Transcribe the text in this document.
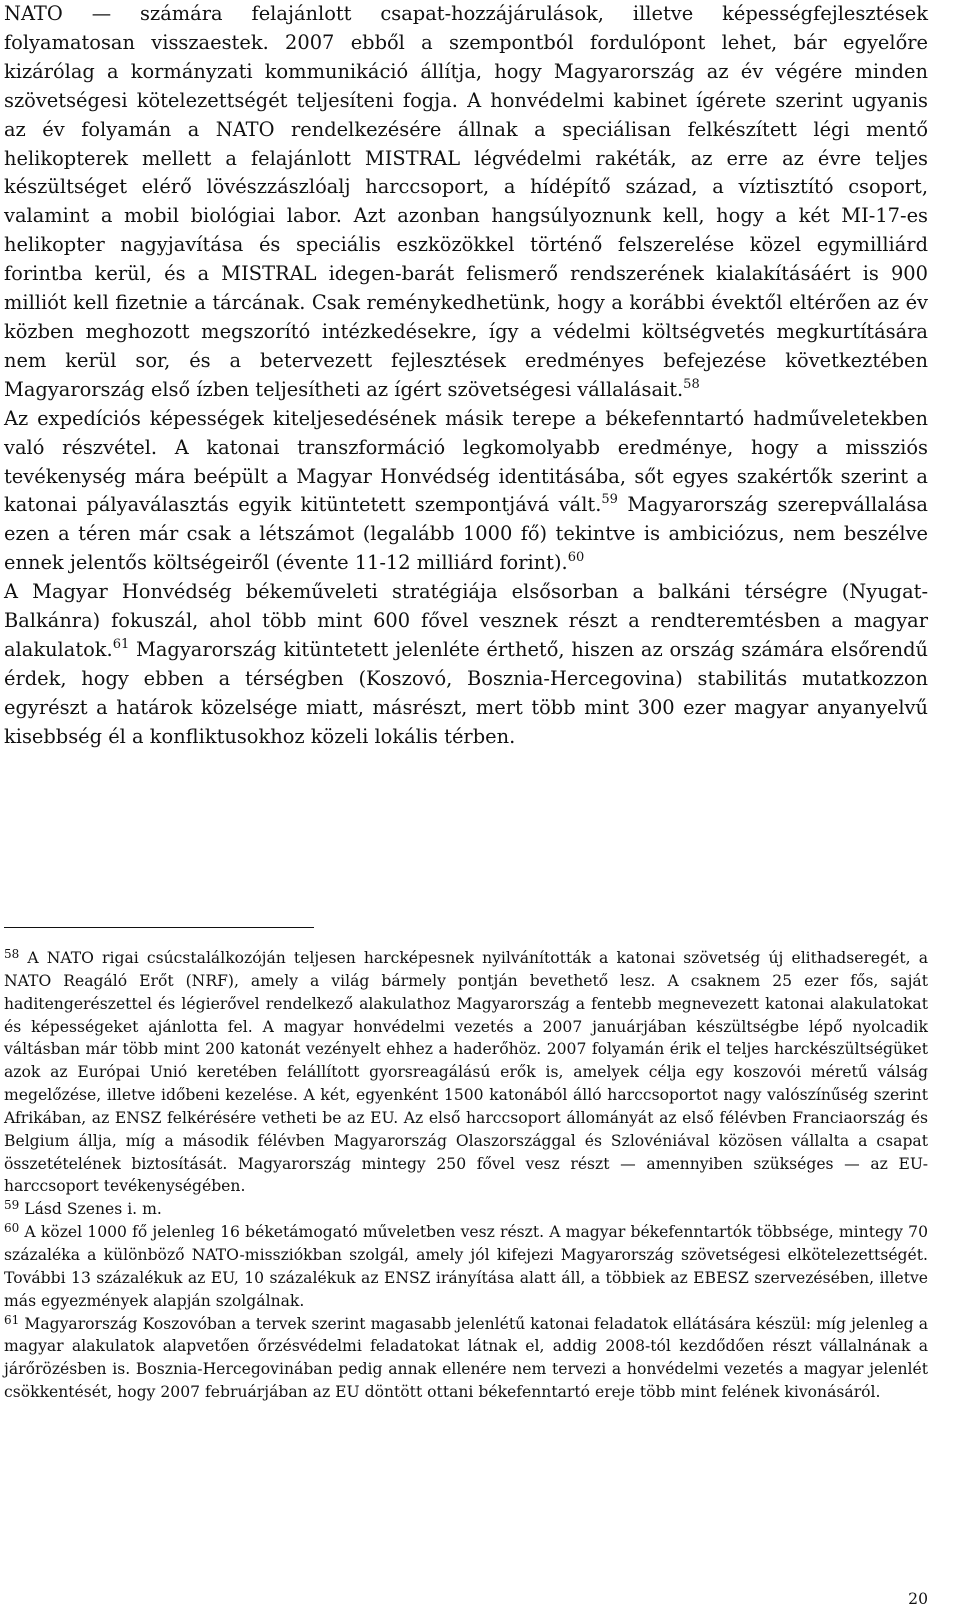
NATO — számára felajánlott csapat-hozzájárulások, illetve képességfejlesztések folyamatosan visszaestek. 2007 ebből a szempontból fordulópont lehet, bár egyelőre kizárólag a kormányzati kommunikáció állítja, hogy Magyarország az év végére minden szövetségesi kötelezettségét teljesíteni fogja. A honvédelmi kabinet ígérete szerint ugyanis az év folyamán a NATO rendelkezésére állnak a speciálisan felkészített légi mentő helikopterek mellett a felajánlott MISTRAL légvédelmi rakéták, az erre az évre teljes készültséget elérő lövészzászlóalj harccsoport, a hídépítő század, a víztisztító csoport, valamint a mobil biológiai labor. Azt azonban hangsúlyoznunk kell, hogy a két MI-17-es helikopter nagyjavítása és speciális eszközökkel történő felszerelése közel egymilliárd forintba kerül, és a MISTRAL idegen-barát felismerő rendszerének kialakításáért is 900 milliót kell fizetnie a tárcának. Csak reménykedhetünk, hogy a korábbi évektől eltérően az év közben meghozott megszorító intézkedésekre, így a védelmi költségvetés megkurtítására nem kerül sor, és a betervezett fejlesztések eredményes befejezése következtében Magyarország első ízben teljesítheti az ígért szövetségesi vállalásait.$^{58}$

Az expedíciós képességek kiteljesedésének másik terepe a békefenntartó hadműveletekben való részvétel. A katonai transzformáció legkomolyabb eredménye, hogy a missziós tevékenység mára beépült a Magyar Honvédség identitásába, sőt egyes szakértők szerint a katonai pályaválasztás egyik kitüntetett szempontjává vált.$^{59}$ Magyarország szerepvállalása ezen a téren már csak a létszámot (legalább 1000 fő) tekintve is ambiciózus, nem beszélve ennek jelentős költségeiről (évente 11-12 milliárd forint).$^{60}$

A Magyar Honvédség békeműveleti stratégiája elsősorban a balkáni térségre (Nyugat-Balkánra) fokuszál, ahol több mint 600 fővel vesznek részt a rendteremtésben a magyar alakulatok.$^{61}$ Magyarország kitüntetett jelenléte érthető, hiszen az ország számára elsőrendű érdek, hogy ebben a térségben (Koszovó, Bosznia-Hercegovina) stabilitás mutatkozzon egyrészt a határok közelsége miatt, másrészt, mert több mint 300 ezer magyar anyanyelvű kisebbség él a konfliktusokhoz közeli lokális térben.

$^{58}$ A NATO rigai csúcstalálkozóján teljesen harcképesnek nyilvánították a katonai szövetség új elithadseregét, a NATO Reagáló Erőt (NRF), amely a világ bármely pontján bevethető lesz. A csaknem 25 ezer fős, saját haditengerészettel és légierővel rendelkező alakulathoz Magyarország a fentebb megnevezett katonai alakulatokat és képességeket ajánlotta fel. A magyar honvédelmi vezetés a 2007 januárjában készültségbe lépő nyolcadik váltásban már több mint 200 katonát vezényelt ehhez a haderőhöz. 2007 folyamán érik el teljes harckészültségüket azok az Európai Unió keretében felállított gyorsreagálású erők is, amelyek célja egy koszovói méretű válság megelőzése, illetve időbeni kezelése. A két, egyenként 1500 katonából álló harccsoportot nagy valószínűség szerint Afrikában, az ENSZ felkérésére vetheti be az EU. Az első harccsoport állományát az első félévben Franciaország és Belgium állja, míg a második félévben Magyarország Olaszországgal és Szlovéniával közösen vállalta a csapat összetételének biztosítását. Magyarország mintegy 250 fővel vesz részt — amennyiben szükséges — az EU-harccsoport tevékenységében.

$^{59}$ Lásd Szenes i. m.

$^{60}$ A közel 1000 fő jelenleg 16 béketámogató műveletben vesz részt. A magyar békefenntartók többsége, mintegy 70 százaléka a különböző NATO-missziókban szolgál, amely jól kifejezi Magyarország szövetségesi elkötelezettségét. További 13 százalékuk az EU, 10 százalékuk az ENSZ irányítása alatt áll, a többiek az EBESZ szervezésében, illetve más egyezmények alapján szolgálnak.

$^{61}$ Magyarország Koszovóban a tervek szerint magasabb jelenlétű katonai feladatok ellátására készül: míg jelenleg a magyar alakulatok alapvetően őrzésvédelmi feladatokat látnak el, addig 2008-tól kezdődően részt vállalnának a járőrözésben is. Bosznia-Hercegovinában pedig annak ellenére nem tervezi a honvédelmi vezetés a magyar jelenlét csökkentését, hogy 2007 februárjában az EU döntött ottani békefenntartó ereje több mint felének kivonásáról.

20
